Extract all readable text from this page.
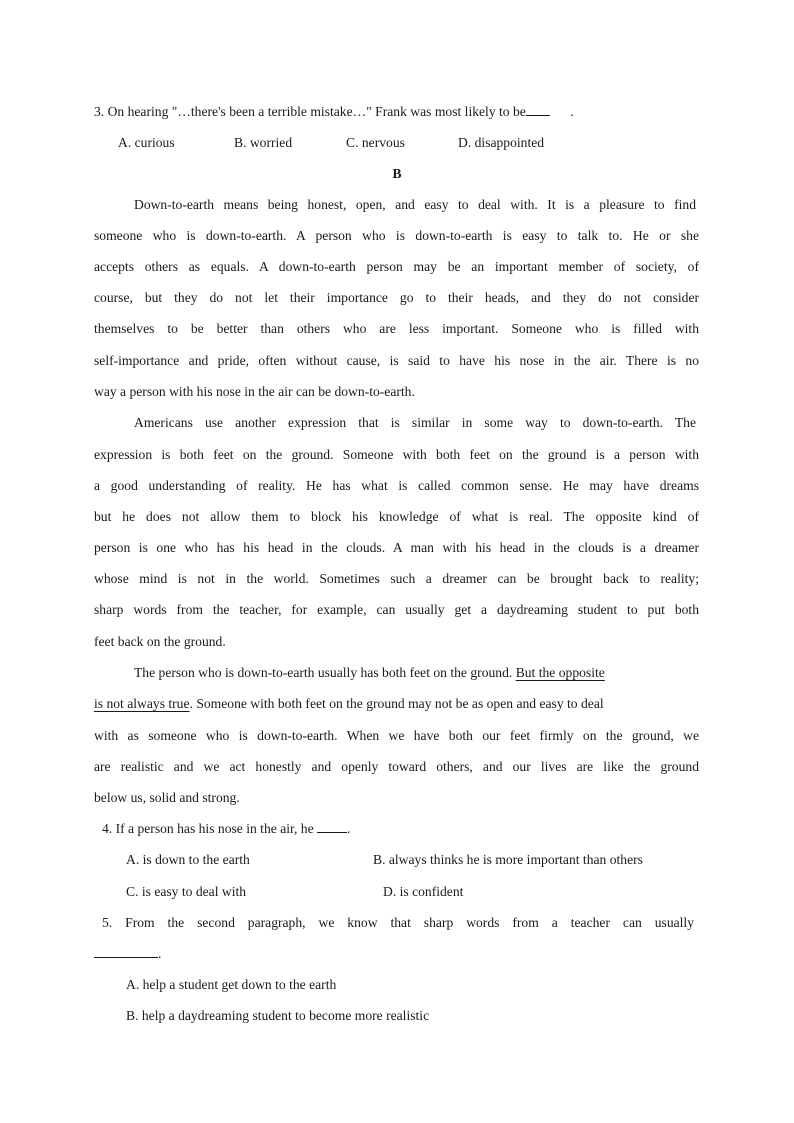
3. On hearing "…there's been a terrible mistake…" Frank was most likely to be      .
A. curious	B. worried	C. nervous	D. disappointed
B
Down-to-earth means being honest, open, and easy to deal with. It is a pleasure to find
someone who is down-to-earth. A person who is down-to-earth is easy to talk to. He or she
accepts others as equals. A down-to-earth person may be an important member of society, of
course, but they do not let their importance go to their heads, and they do not consider
themselves to be better than others who are less important. Someone who is filled with
self-importance and pride, often without cause, is said to have his nose in the air. There is no
way a person with his nose in the air can be down-to-earth.
Americans use another expression that is similar in some way to down-to-earth. The
expression is both feet on the ground. Someone with both feet on the ground is a person with
a good understanding of reality. He has what is called common sense. He may have dreams
but he does not allow them to block his knowledge of what is real. The opposite kind of
person is one who has his head in the clouds. A man with his head in the clouds is a dreamer
whose mind is not in the world. Sometimes such a dreamer can be brought back to reality;
sharp words from the teacher, for example, can usually get a daydreaming student to put both
feet back on the ground.
The person who is down-to-earth usually has both feet on the ground. But the opposite
is not always true. Someone with both feet on the ground may not be as open and easy to deal
with as someone who is down-to-earth. When we have both our feet firmly on the ground, we
are realistic and we act honestly and openly toward others, and our lives are like the ground
below us, solid and strong.
4. If a person has his nose in the air, he .
A. is down to the earth	B. always thinks he is more important than others
C. is easy to deal with	D. is confident
5. From the second paragraph, we know that sharp words from a teacher can usually
.
A. help a student get down to the earth
B. help a daydreaming student to become more realistic
